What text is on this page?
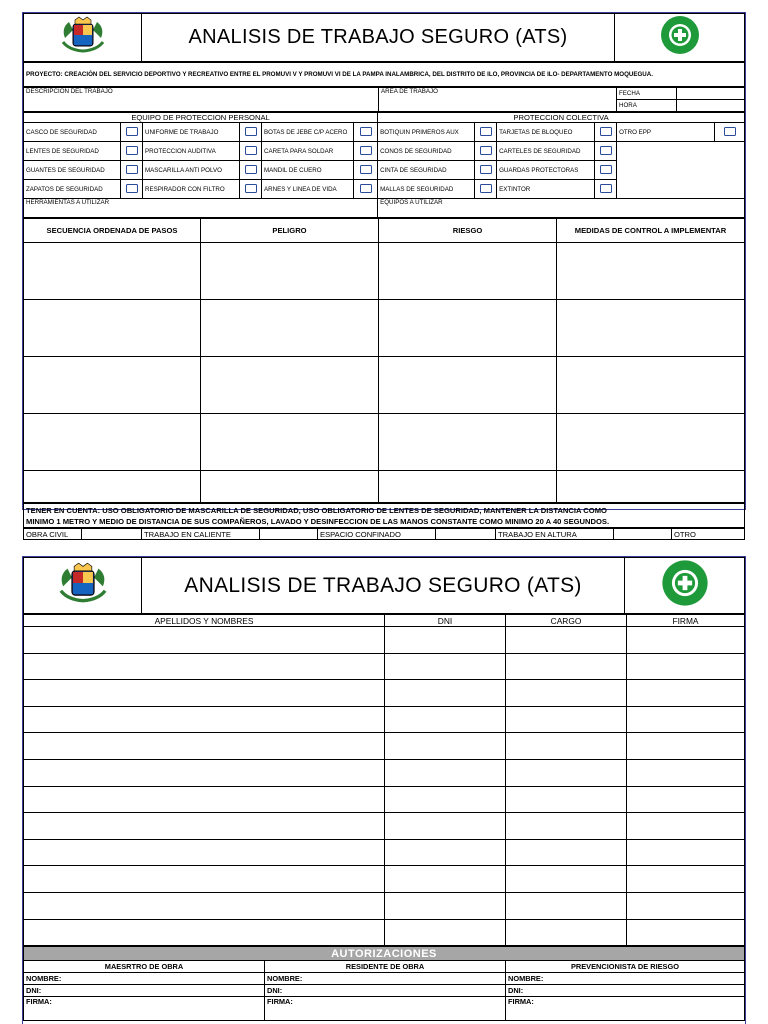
	ANALISIS DE TRABAJO SEGURO (ATS)	
PROYECTO: CREACIÓN DEL SERVICIO DEPORTIVO Y RECREATIVO ENTRE EL PROMUVI V Y PROMUVI VI DE LA PAMPA INALAMBRICA, DEL DISTRITO DE ILO, PROVINCIA DE ILO- DEPARTAMENTO MOQUEGUA.
DESCRIPCION DEL TRABAJO	AREA DE TRABAJO	FECHA	
		HORA	
EQUIPO DE PROTECCION PERSONAL						PROTECCION COLECTIVA					
CASCO DE SEGURIDAD		UNIFORME DE TRABAJO		BOTAS DE JEBE C/P ACERO		BOTIQUIN PRIMEROS AUX		TARJETAS DE BLOQUEO		OTRO EPP	
LENTES DE SEGURIDAD		PROTECCION AUDITIVA		CARETA PARA SOLDAR		CONOS DE SEGURIDAD		CARTELES DE SEGURIDAD			
GUANTES DE SEGURIDAD		MASCARILLA ANTI POLVO		MANDIL DE CUERO		CINTA DE SEGURIDAD		GUARDAS PROTECTORAS			
ZAPATOS DE SEGURIDAD		RESPIRADOR CON FILTRO		ARNES Y LINEA DE VIDA		MALLAS DE SEGURIDAD		EXTINTOR			
HERRAMIENTAS A UTILIZAR						EQUIPOS A UTILIZAR					
SECUENCIA ORDENADA DE PASOS	PELIGRO	RIESGO	MEDIDAS DE CONTROL A IMPLEMENTAR

TENER EN CUENTA: USO OBLIGATORIO DE MASCARILLA DE SEGURIDAD, USO OBLIGATORIO DE LENTES DE SEGURIDAD, MANTENER LA DISTANCIA COMO
MINIMO 1 METRO Y MEDIO DE DISTANCIA DE SUS COMPAÑEROS, LAVADO Y DESINFECCION DE LAS MANOS CONSTANTE COMO MINIMO 20 A 40 SEGUNDOS.
OBRA CIVIL		TRABAJO EN CALIENTE		ESPACIO CONFINADO		TRABAJO EN ALTURA		OTRO
	ANALISIS DE TRABAJO SEGURO (ATS)	
APELLIDOS Y NOMBRES	DNI	CARGO	FIRMA

AUTORIZACIONES		
MAESRTRO DE OBRA	RESIDENTE DE OBRA	PREVENCIONISTA DE RIESGO
NOMBRE:	NOMBRE:	NOMBRE:
DNI:	DNI:	DNI:
FIRMA:	FIRMA:	FIRMA:
